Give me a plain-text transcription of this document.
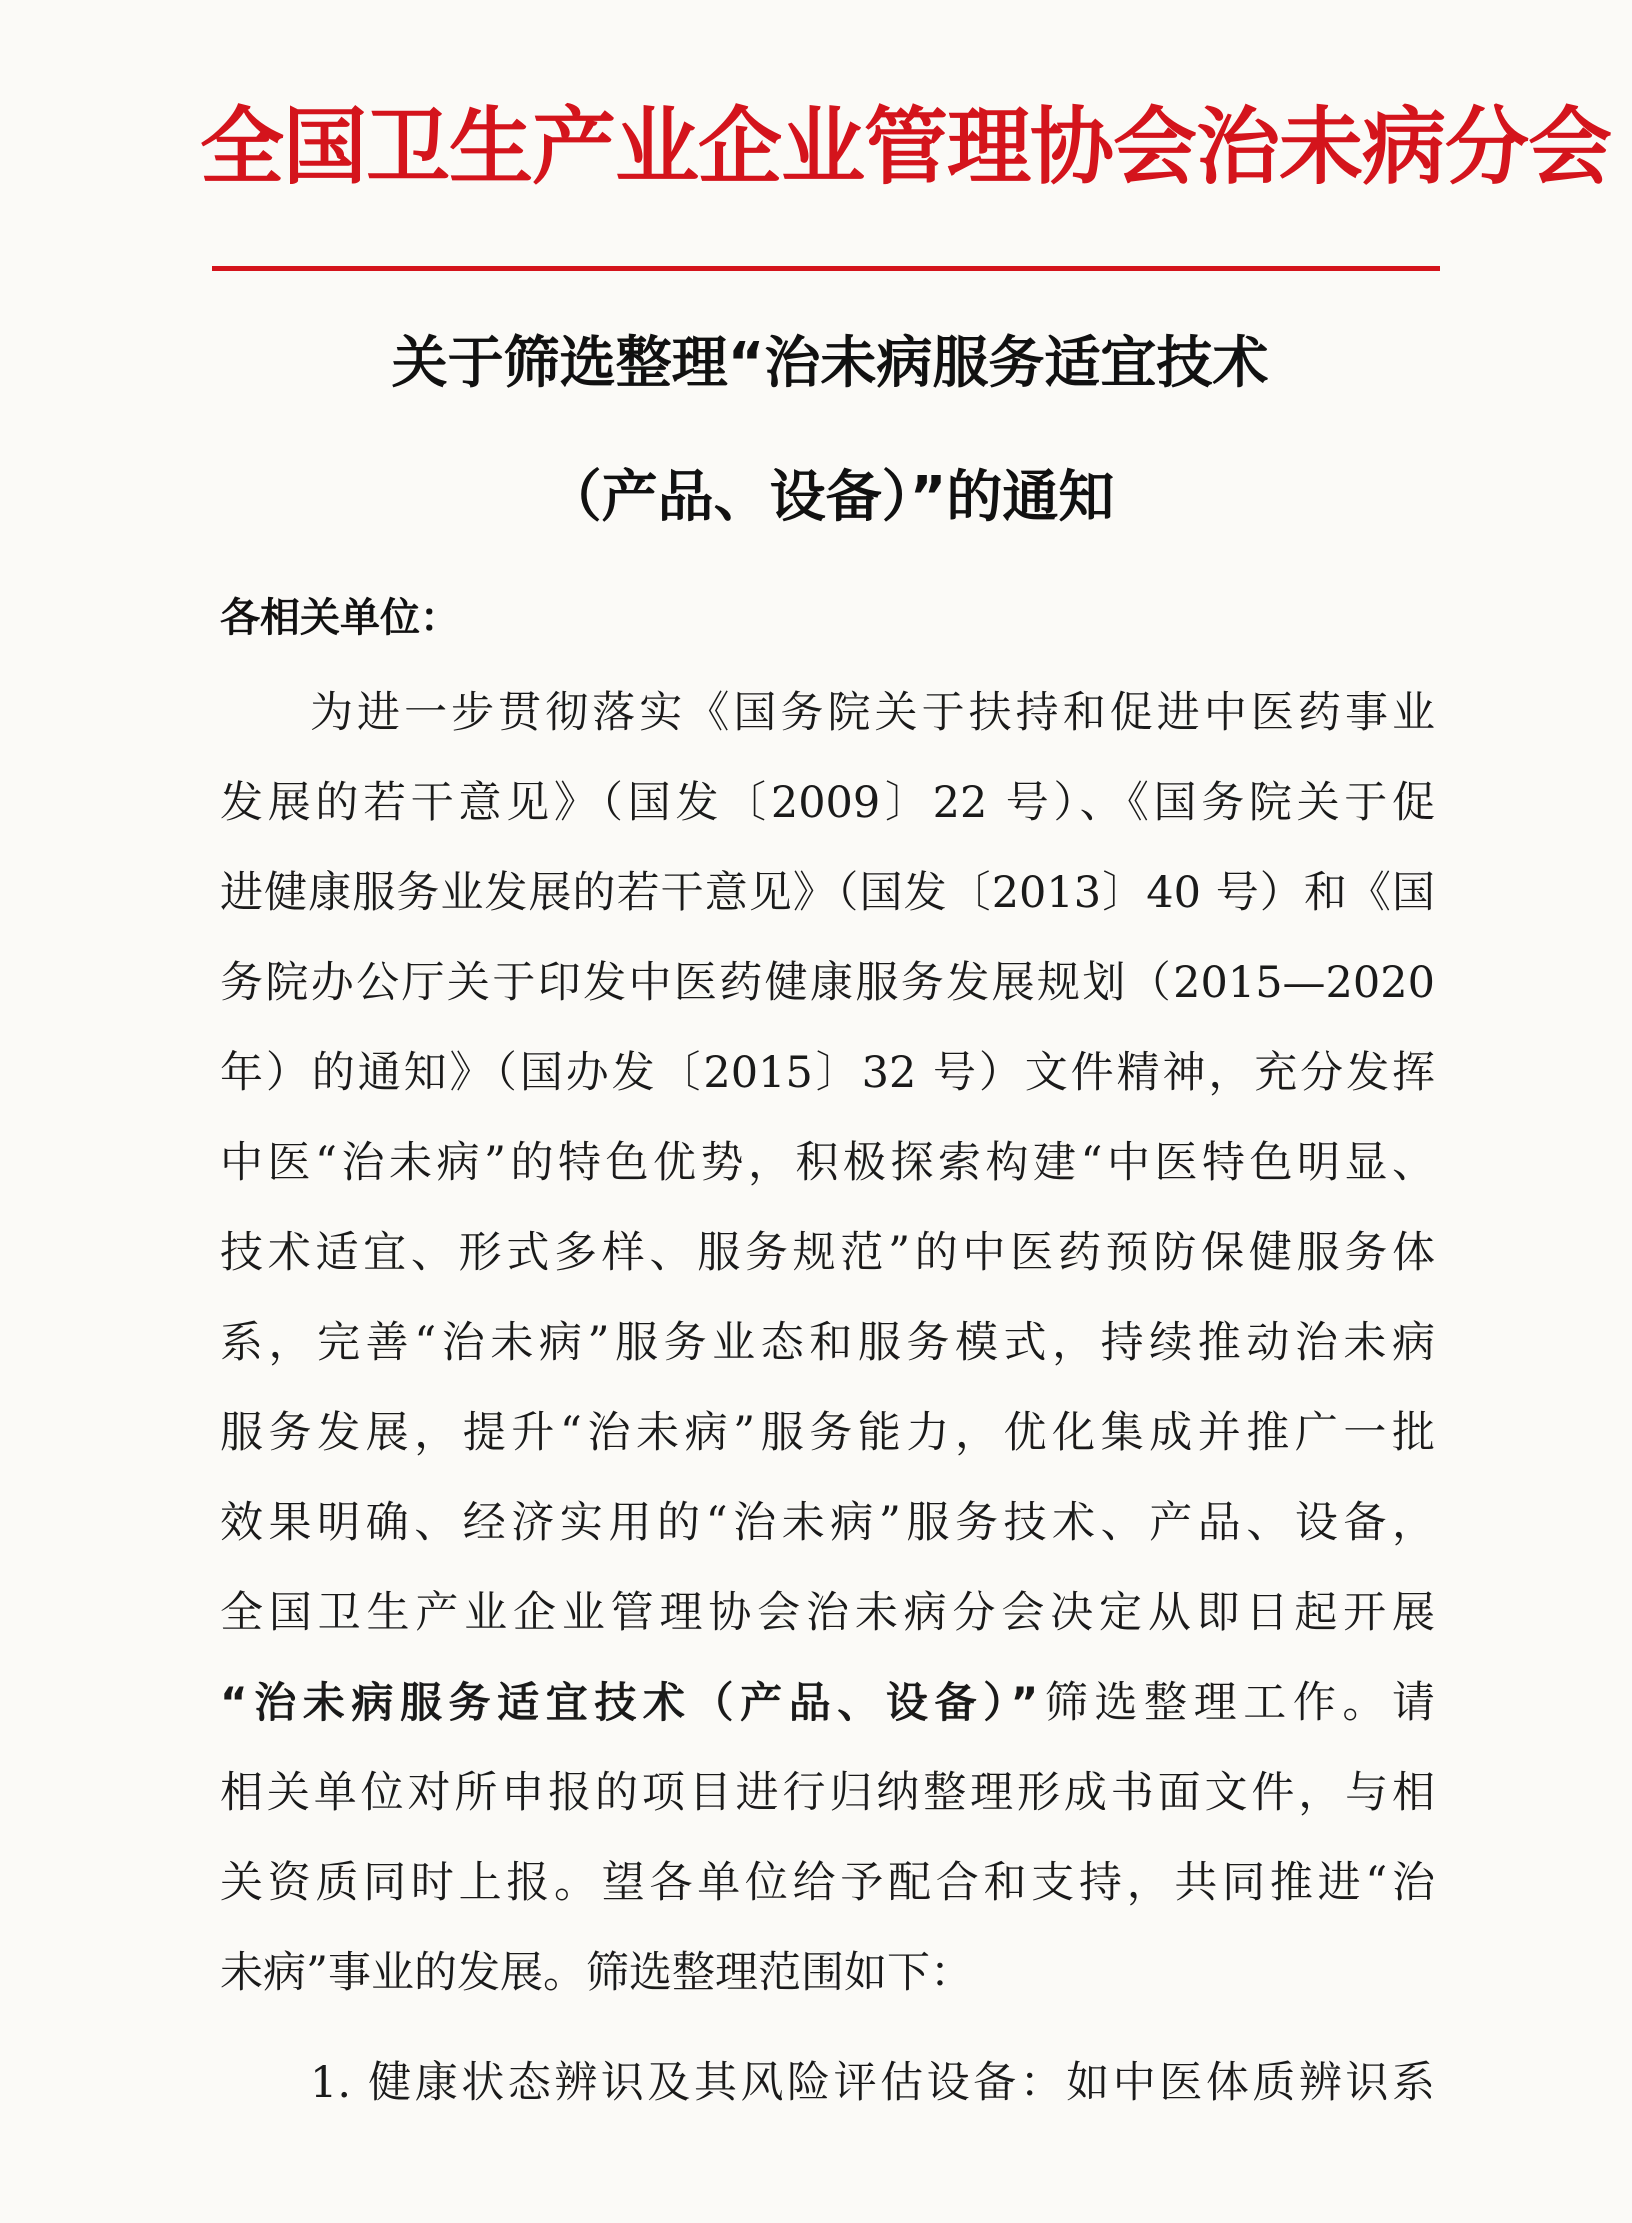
全国卫生产业企业管理协会治未病分会
关于筛选整理“治未病服务适宜技术
（产品、设备）”的通知
各相关单位：
为进一步贯彻落实《国务院关于扶持和促进中医药事业
发展的若干意见》（国发〔2009〕22 号）、《国务院关于促
进健康服务业发展的若干意见》（国发〔2013〕40 号）和《国
务院办公厅关于印发中医药健康服务发展规划（2015—2020
年）的通知》（国办发〔2015〕32 号）文件精神，充分发挥
中医“治未病”的特色优势，积极探索构建“中医特色明显、
技术适宜、形式多样、服务规范”的中医药预防保健服务体
系，完善“治未病”服务业态和服务模式，持续推动治未病
服务发展，提升“治未病”服务能力，优化集成并推广一批
效果明确、经济实用的“治未病”服务技术、产品、设备，
全国卫生产业企业管理协会治未病分会决定从即日起开展
“治未病服务适宜技术（产品、设备）”筛选整理工作。请
相关单位对所申报的项目进行归纳整理形成书面文件，与相
关资质同时上报。望各单位给予配合和支持，共同推进“治
未病”事业的发展。筛选整理范围如下：
1. 健康状态辨识及其风险评估设备：如中医体质辨识系
